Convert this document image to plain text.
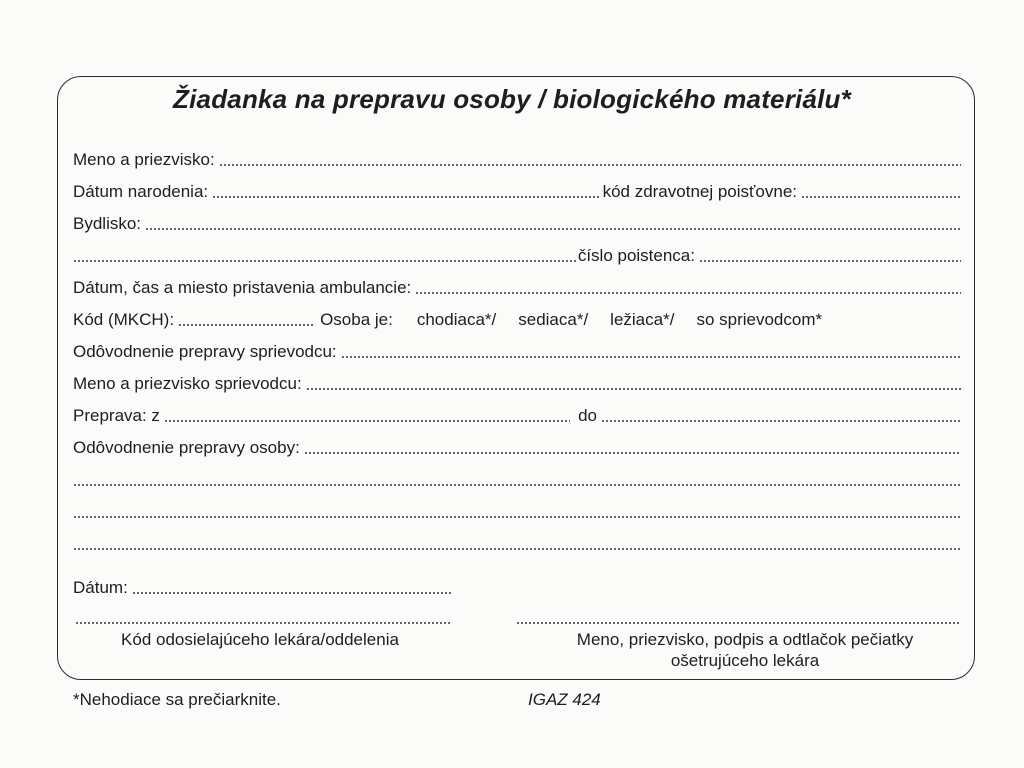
Žiadanka na prepravu osoby / biologického materiálu*
Meno a priezvisko:
Dátum narodenia:	kód zdravotnej poisťovne:
Bydlisko:
číslo poistenca:
Dátum, čas a miesto pristavenia ambulancie:
Kód (MKCH):	Osoba je: chodiaca*/ sediaca*/ ležiaca*/ so sprievodcom*
Odôvodnenie prepravy sprievodcu:
Meno a priezvisko sprievodcu:
Preprava: z	do
Odôvodnenie prepravy osoby:
Dátum:
Kód odosielajúceho lekára/oddelenia	Meno, priezvisko, podpis a odtlačok pečiatky
ošetrujúceho lekára
*Nehodiace sa prečiarknite.	IGAZ 424
